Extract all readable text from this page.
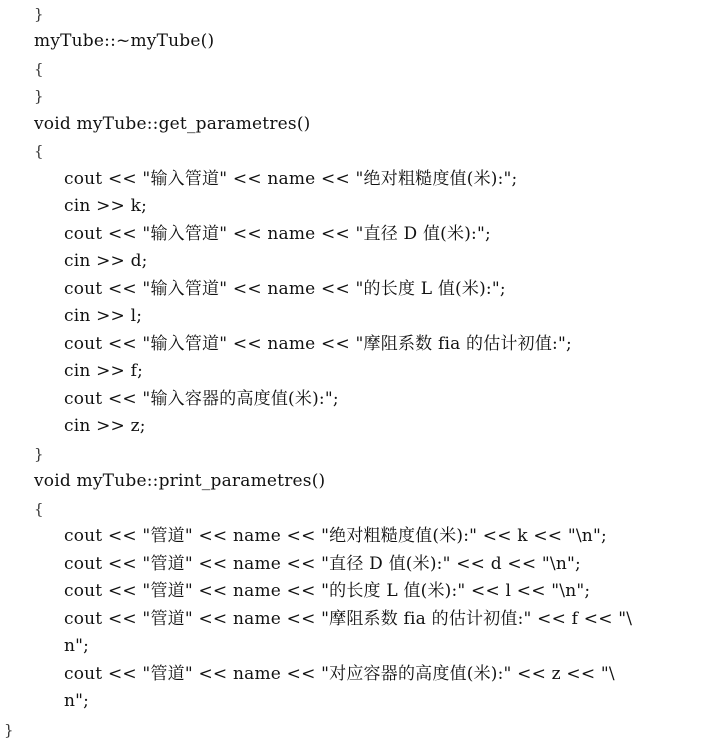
}
myTube::~myTube()
{
}
void myTube::get_parametres()
{
cout << "输入管道" << name << "绝对粗糙度值(米):";
cin >> k;
cout << "输入管道" << name << "直径 D 值(米):";
cin >> d;
cout << "输入管道" << name << "的长度 L 值(米):";
cin >> l;
cout << "输入管道" << name << "摩阻系数 fia 的估计初值:";
cin >> f;
cout << "输入容器的高度值(米):";
cin >> z;
}
void myTube::print_parametres()
{
cout << "管道" << name << "绝对粗糙度值(米):" << k << "\n";
cout << "管道" << name << "直径 D 值(米):" << d << "\n";
cout << "管道" << name << "的长度 L 值(米):" << l << "\n";
cout << "管道" << name << "摩阻系数 fia 的估计初值:" << f << "\
n";
cout << "管道" << name << "对应容器的高度值(米):" << z << "\
n";
}
